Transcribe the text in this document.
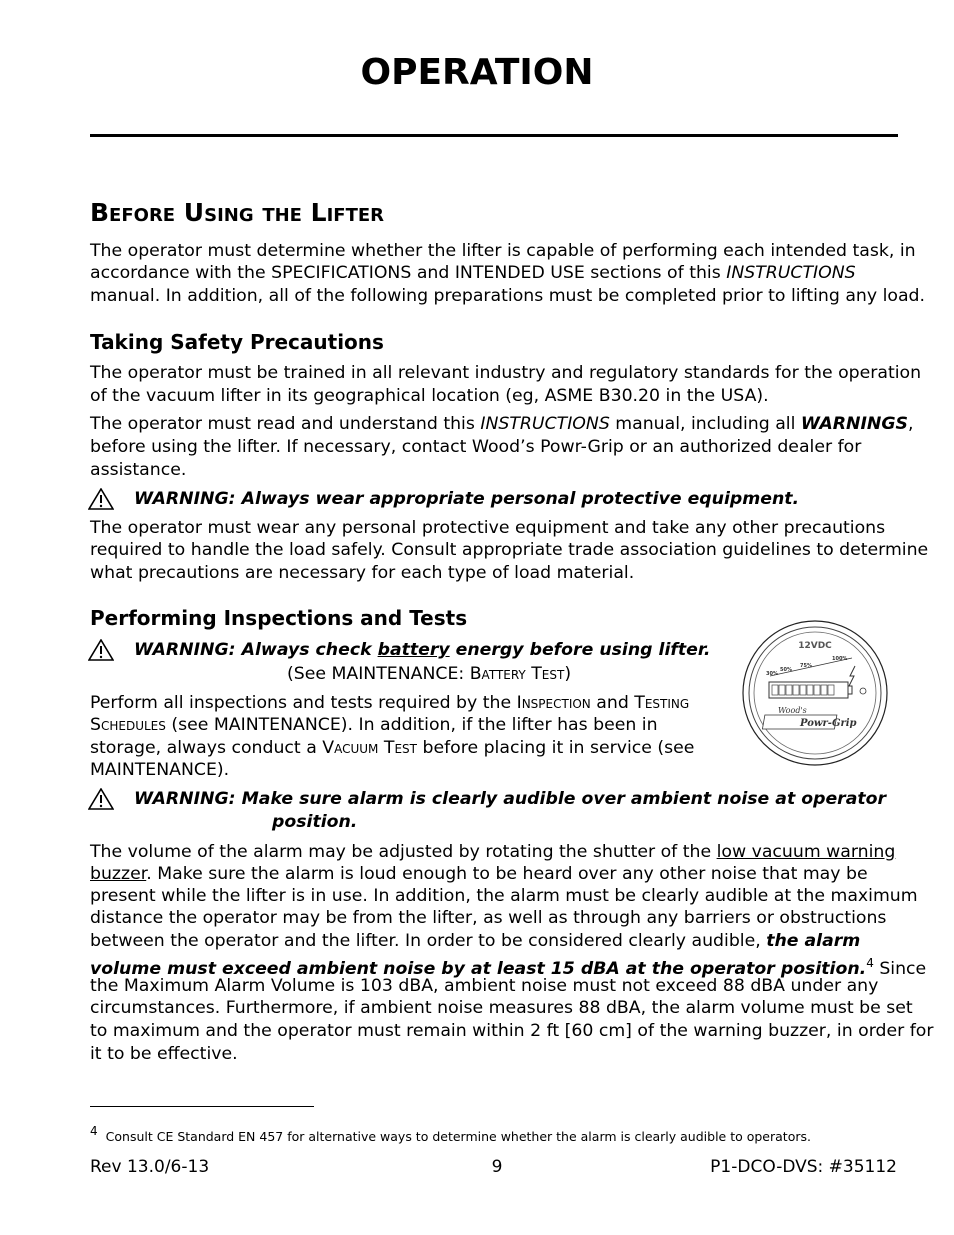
OPERATION
Before Using the Lifter
The operator must determine whether the lifter is capable of performing each intended task, in
accordance with the SPECIFICATIONS and INTENDED USE sections of this INSTRUCTIONS
manual. In addition, all of the following preparations must be completed prior to lifting any load.
Taking Safety Precautions
The operator must be trained in all relevant industry and regulatory standards for the operation
of the vacuum lifter in its geographical location (eg, ASME B30.20 in the USA).
The operator must read and understand this INSTRUCTIONS manual, including all WARNINGS,
before using the lifter. If necessary, contact Wood’s Powr-Grip or an authorized dealer for
assistance.
WARNING: Always wear appropriate personal protective equipment.
The operator must wear any personal protective equipment and take any other precautions
required to handle the load safely. Consult appropriate trade association guidelines to determine
what precautions are necessary for each type of load material.
Performing Inspections and Tests
WARNING: Always check battery energy before using lifter.
(See MAINTENANCE: Battery Test)
Perform all inspections and tests required by the Inspection and Testing
Schedules (see MAINTENANCE). In addition, if the lifter has been in
storage, always conduct a Vacuum Test before placing it in service (see
MAINTENANCE).
12VDC
30%
50%
75%
100%
Wood's
Powr-Grip
WARNING: Make sure alarm is clearly audible over ambient noise at operator
position.
The volume of the alarm may be adjusted by rotating the shutter of the low vacuum warning
buzzer. Make sure the alarm is loud enough to be heard over any other noise that may be
present while the lifter is in use. In addition, the alarm must be clearly audible at the maximum
distance the operator may be from the lifter, as well as through any barriers or obstructions
between the operator and the lifter. In order to be considered clearly audible, the alarm
volume must exceed ambient noise by at least 15 dBA at the operator position.$^4$ Since
the Maximum Alarm Volume is 103 dBA, ambient noise must not exceed 88 dBA under any
circumstances. Furthermore, if ambient noise measures 88 dBA, the alarm volume must be set
to maximum and the operator must remain within 2 ft [60 cm] of the warning buzzer, in order for
it to be effective.
$^4$ Consult CE Standard EN 457 for alternative ways to determine whether the alarm is clearly audible to operators.
Rev 13.0/6-13	9	P1-DCO-DVS: #35112
